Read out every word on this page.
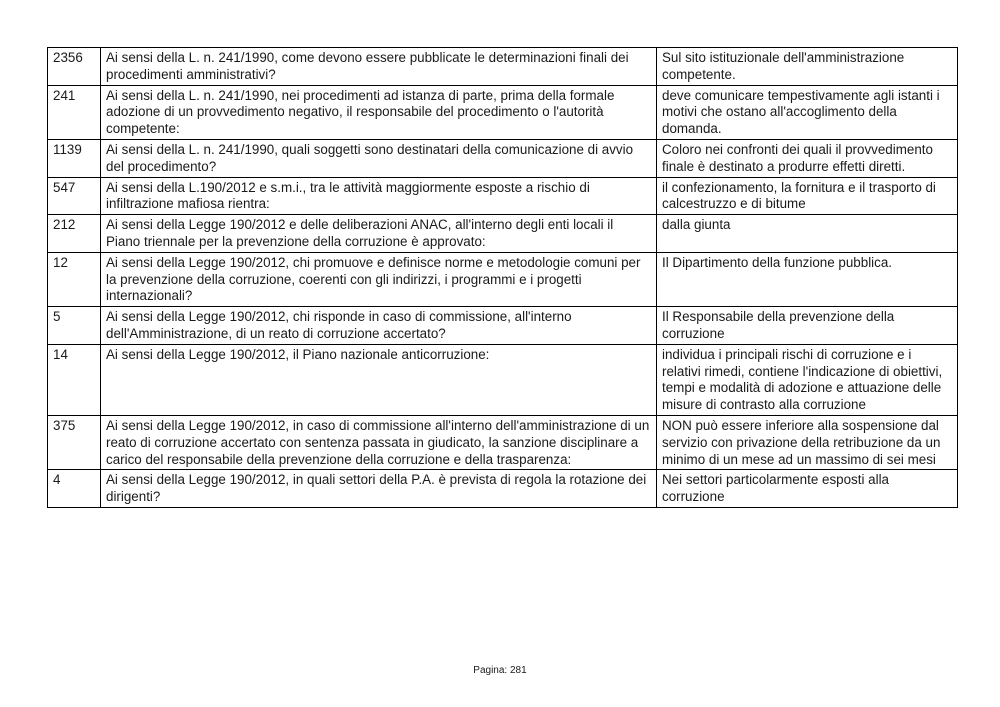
2356	Ai sensi della L. n. 241/1990, come devono essere pubblicate le determinazioni finali dei procedimenti amministrativi?	Sul sito istituzionale dell'amministrazione competente.
241	Ai sensi della L. n. 241/1990, nei procedimenti ad istanza di parte, prima della formale adozione di un provvedimento negativo, il responsabile del procedimento o l'autorità competente:	deve comunicare tempestivamente agli istanti i motivi che ostano all'accoglimento della domanda.
1139	Ai sensi della L. n. 241/1990, quali soggetti sono destinatari della comunicazione di avvio del procedimento?	Coloro nei confronti dei quali il provvedimento finale è destinato a produrre effetti diretti.
547	Ai sensi della L.190/2012 e s.m.i., tra le attività maggiormente esposte a rischio di infiltrazione mafiosa rientra:	il confezionamento, la fornitura e il trasporto di calcestruzzo e di bitume
212	Ai sensi della Legge 190/2012 e delle deliberazioni ANAC, all'interno degli enti locali il Piano triennale per la prevenzione della corruzione è approvato:	dalla giunta
12	Ai sensi della Legge 190/2012, chi promuove e definisce norme e metodologie comuni per la prevenzione della corruzione, coerenti con gli indirizzi, i programmi e i progetti internazionali?	Il Dipartimento della funzione pubblica.
5	Ai sensi della Legge 190/2012, chi risponde in caso di commissione, all'interno dell'Amministrazione, di un reato di corruzione accertato?	Il Responsabile della prevenzione della corruzione
14	Ai sensi della Legge 190/2012, il Piano nazionale anticorruzione:	individua i principali rischi di corruzione e i relativi rimedi, contiene l'indicazione di obiettivi, tempi e modalità di adozione e attuazione delle misure di contrasto alla corruzione
375	Ai sensi della Legge 190/2012, in caso di commissione all'interno dell'amministrazione di un reato di corruzione accertato con sentenza passata in giudicato, la sanzione disciplinare a carico del responsabile della prevenzione della corruzione e della trasparenza:	NON può essere inferiore alla sospensione dal servizio con privazione della retribuzione da un minimo di un mese ad un massimo di sei mesi
4	Ai sensi della Legge 190/2012, in quali settori della P.A. è prevista di regola la rotazione dei dirigenti?	Nei settori particolarmente esposti alla corruzione
Pagina: 281
